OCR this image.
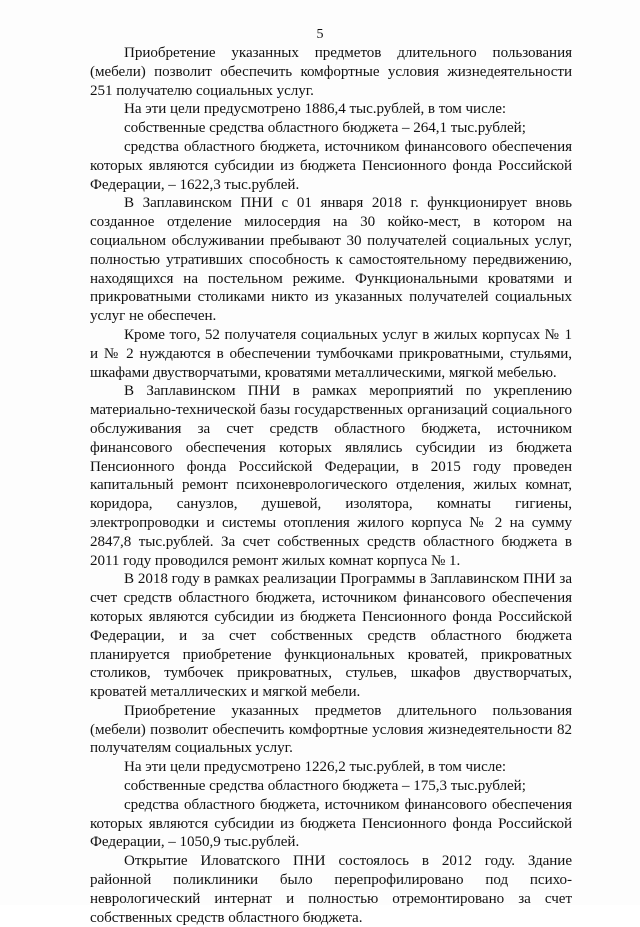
5

Приобретение указанных предметов длительного пользования (мебели) позволит обеспечить комфортные условия жизнедеятельности 251 получателю социальных услуг.

На эти цели предусмотрено 1886,4 тыс.рублей, в том числе:

собственные средства областного бюджета – 264,1 тыс.рублей;

средства областного бюджета, источником финансового обеспечения которых являются субсидии из бюджета Пенсионного фонда Российской Федерации, – 1622,3 тыс.рублей.

В Заплавинском ПНИ с 01 января 2018 г. функционирует вновь созданное отделение милосердия на 30 койко-мест, в котором на социальном обслуживании пребывают 30 получателей социальных услуг, полностью утративших способность к самостоятельному передвижению, находящихся на постельном режиме. Функциональными кроватями и прикроватными столиками никто из указанных получателей социальных услуг не обеспечен.

Кроме того, 52 получателя социальных услуг в жилых корпусах № 1 и № 2 нуждаются в обеспечении тумбочками прикроватными, стульями, шкафами двустворчатыми, кроватями металлическими, мягкой мебелью.

В Заплавинском ПНИ в рамках мероприятий по укреплению материально-технической базы государственных организаций социального обслуживания за счет средств областного бюджета, источником финансового обеспечения которых являлись субсидии из бюджета Пенсионного фонда Российской Федерации, в 2015 году проведен капитальный ремонт психоневрологического отделения, жилых комнат, коридора, санузлов, душевой, изолятора, комнаты гигиены, электропроводки и системы отопления жилого корпуса № 2 на сумму 2847,8 тыс.рублей. За счет собственных средств областного бюджета в 2011 году проводился ремонт жилых комнат корпуса № 1.

В 2018 году в рамках реализации Программы в Заплавинском ПНИ за счет средств областного бюджета, источником финансового обеспечения которых являются субсидии из бюджета Пенсионного фонда Российской Федерации, и за счет собственных средств областного бюджета планируется приобретение функциональных кроватей, прикроватных столиков, тумбочек прикроватных, стульев, шкафов двустворчатых, кроватей металлических и мягкой мебели.

Приобретение указанных предметов длительного пользования (мебели) позволит обеспечить комфортные условия жизнедеятельности 82 получателям социальных услуг.

На эти цели предусмотрено 1226,2 тыс.рублей, в том числе:

собственные средства областного бюджета – 175,3 тыс.рублей;

средства областного бюджета, источником финансового обеспечения которых являются субсидии из бюджета Пенсионного фонда Российской Федерации, – 1050,9 тыс.рублей.

Открытие Иловатского ПНИ состоялось в 2012 году. Здание районной поликлиники было перепрофилировано под психо-неврологический интернат и полностью отремонтировано за счет собственных средств областного бюджета.
